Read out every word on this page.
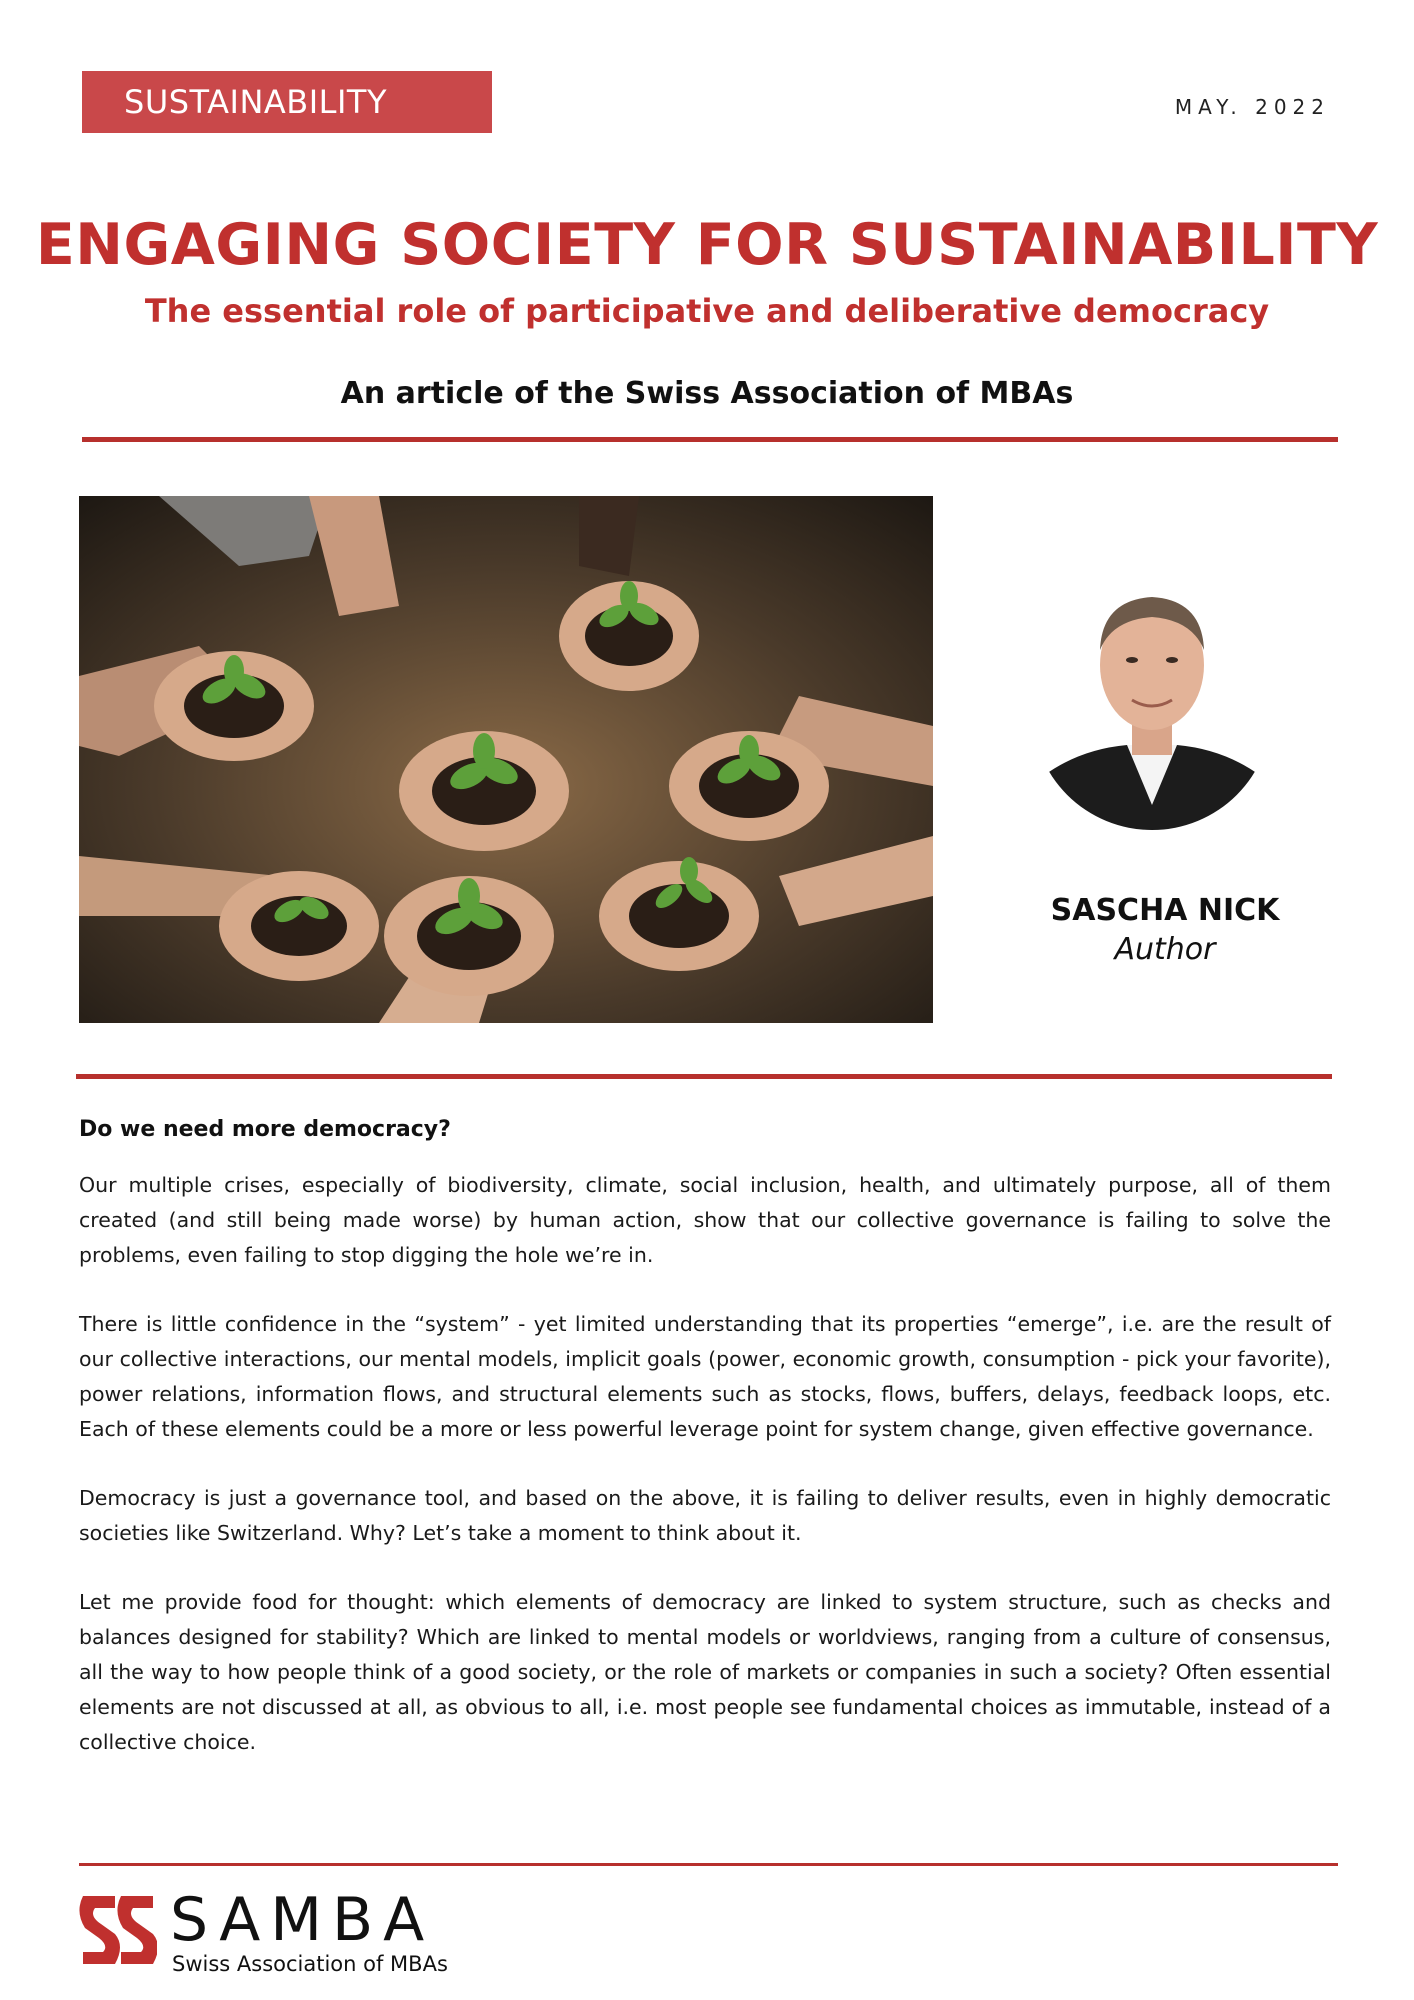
SUSTAINABILITY	MAY. 2022
ENGAGING SOCIETY FOR SUSTAINABILITY
The essential role of participative and deliberative democracy
An article of the Swiss Association of MBAs
SASCHA NICK
Author
Do we need more democracy?

Our multiple crises, especially of biodiversity, climate, social inclusion, health, and ultimately purpose, all of them created (and still being made worse) by human action, show that our collective governance is failing to solve the problems, even failing to stop digging the hole we’re in.

There is little confidence in the “system” - yet limited understanding that its properties “emerge”, i.e. are the result of our collective interactions, our mental models, implicit goals (power, economic growth, consumption - pick your favorite), power relations, information flows, and structural elements such as stocks, flows, buffers, delays, feedback loops, etc. Each of these elements could be a more or less powerful leverage point for system change, given effective governance.

Democracy is just a governance tool, and based on the above, it is failing to deliver results, even in highly democratic societies like Switzerland. Why? Let’s take a moment to think about it.

Let me provide food for thought: which elements of democracy are linked to system structure, such as checks and balances designed for stability? Which are linked to mental models or worldviews, ranging from a culture of consensus, all the way to how people think of a good society, or the role of markets or companies in such a society? Often essential elements are not discussed at all, as obvious to all, i.e. most people see fundamental choices as immutable, instead of a collective choice.

SAMBA
Swiss Association of MBAs
